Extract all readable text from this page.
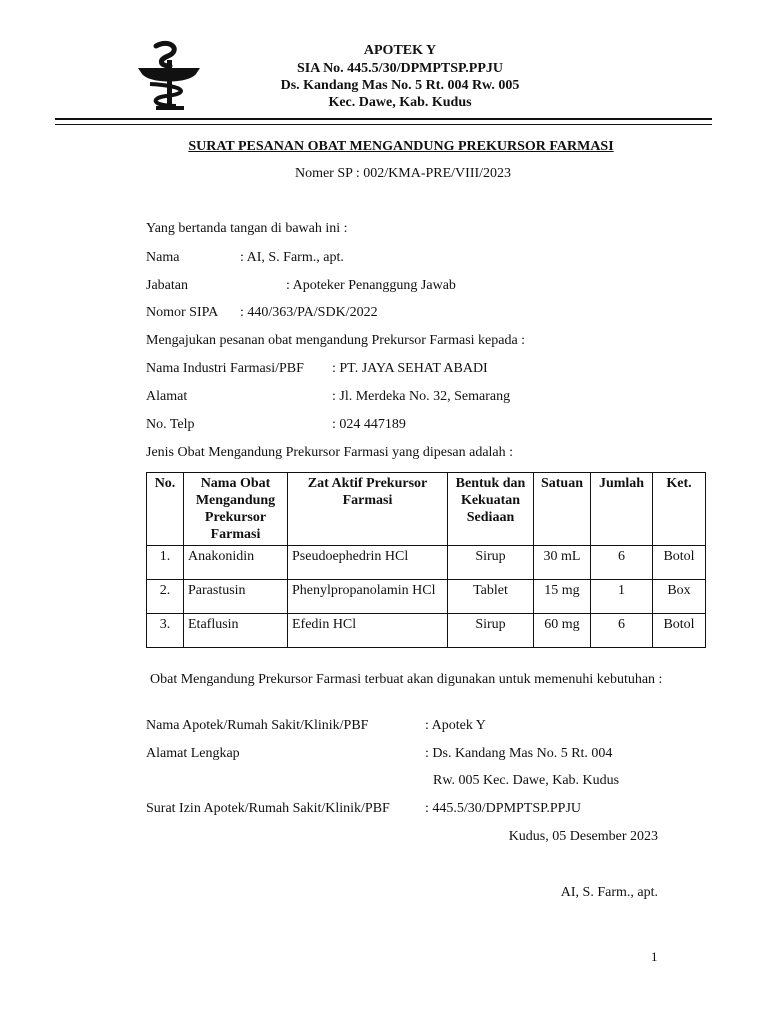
APOTEK Y
SIA No. 445.5/30/DPMPTSP.PPJU
Ds. Kandang Mas No. 5 Rt. 004 Rw. 005
Kec. Dawe, Kab. Kudus
SURAT PESANAN OBAT MENGANDUNG PREKURSOR FARMASI
Nomer SP : 002/KMA-PRE/VIII/2023
Yang bertanda tangan di bawah ini :
Nama	: AI, S. Farm., apt.
Jabatan	: Apoteker Penanggung Jawab
Nomor SIPA : 440/363/PA/SDK/2022
Mengajukan pesanan obat mengandung Prekursor Farmasi kepada :
Nama Industri Farmasi/PBF : PT. JAYA SEHAT ABADI
Alamat	: Jl. Merdeka No. 32, Semarang
No. Telp	: 024 447189
Jenis Obat Mengandung Prekursor Farmasi yang dipesan adalah :
No.	Nama Obat Mengandung Prekursor Farmasi	Zat Aktif Prekursor Farmasi	Bentuk dan Kekuatan Sediaan	Satuan	Jumlah	Ket.
1.	Anakonidin	Pseudoephedrin HCl	Sirup	30 mL	6	Botol
2.	Parastusin	Phenylpropanolamin HCl	Tablet	15 mg	1	Box
3.	Etaflusin	Efedin HCl	Sirup	60 mg	6	Botol
Obat Mengandung Prekursor Farmasi terbuat akan digunakan untuk memenuhi kebutuhan :
Nama Apotek/Rumah Sakit/Klinik/PBF	: Apotek Y
Alamat Lengkap	: Ds. Kandang Mas No. 5 Rt. 004
Rw. 005 Kec. Dawe, Kab. Kudus
Surat Izin Apotek/Rumah Sakit/Klinik/PBF	: 445.5/30/DPMPTSP.PPJU
Kudus, 05 Desember 2023
AI, S. Farm., apt.
1
